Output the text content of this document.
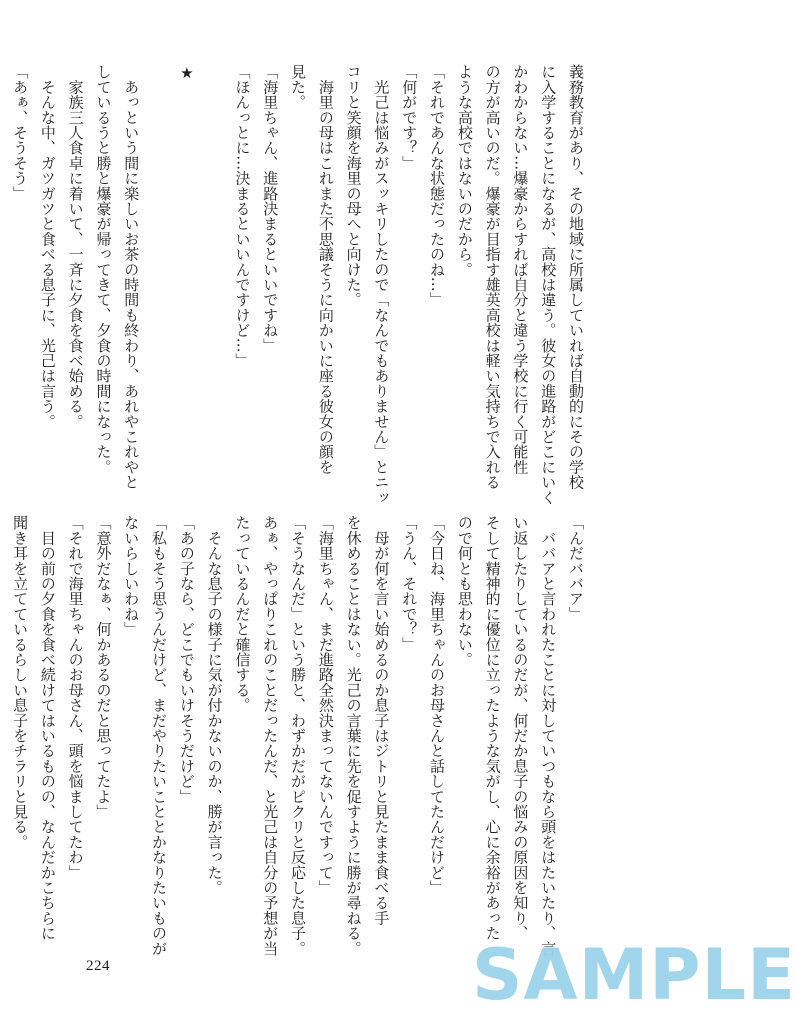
義務教育があり、その地域に所属していれば自動的にその学校
に入学することになるが、高校は違う。彼女の進路がどこにいく
かわからない…爆豪からすれば自分と違う学校に行く可能性
の方が高いのだ。爆豪が目指す雄英高校は軽い気持ちで入れる
ような高校ではないのだから。
「それであんな状態だったのね…」
「何がです？」
　光己は悩みがスッキリしたので「なんでもありません」とニッ
コリと笑顔を海里の母へと向けた。
　海里の母はこれまた不思議そうに向かいに座る彼女の顔を
見た。
「海里ちゃん、進路決まるといいですね」
「ほんっとに…決まるといいんですけど…」

★

　あっという間に楽しいお茶の時間も終わり、あれやこれやと
しているうと勝と爆豪が帰ってきて、夕食の時間になった。
　家族三人食卓に着いて、一斉に夕食を食べ始める。
　そんな中、ガツガツと食べる息子に、光己は言う。
「あぁ、そうそう」
「んだババア」
　ババアと言われたことに対していつもなら頭をはたいたり、言
い返したりしているのだが、何だか息子の悩みの原因を知り、
そして精神的に優位に立ったような気がし、心に余裕があった
ので何とも思わない。
「今日ね、海里ちゃんのお母さんと話してたんだけど」
「うん、それで？」
　母が何を言い始めるのか息子はジトリと見たまま食べる手
を休めることはない。光己の言葉に先を促すように勝が尋ねる。
「海里ちゃん、まだ進路全然決まってないんですって」
「そうなんだ」という勝と、わずかだがピクリと反応した息子。
あぁ、やっぱりこれのことだったんだ、と光己は自分の予想が当
たっているんだと確信する。
　そんな息子の様子に気が付かないのか、勝が言った。
「あの子なら、どこでもいけそうだけど」
「私もそう思うんだけど、まだやりたいこととかなりたいものが
ないらしいわね」
「意外だなぁ、何かあるのだと思ってたよ」
「それで海里ちゃんのお母さん、頭を悩ましてたわ」
　目の前の夕食を食べ続けてはいるものの、なんだかこちらに
聞き耳を立てているらしい息子をチラリと見る。
224	SAMPLE
